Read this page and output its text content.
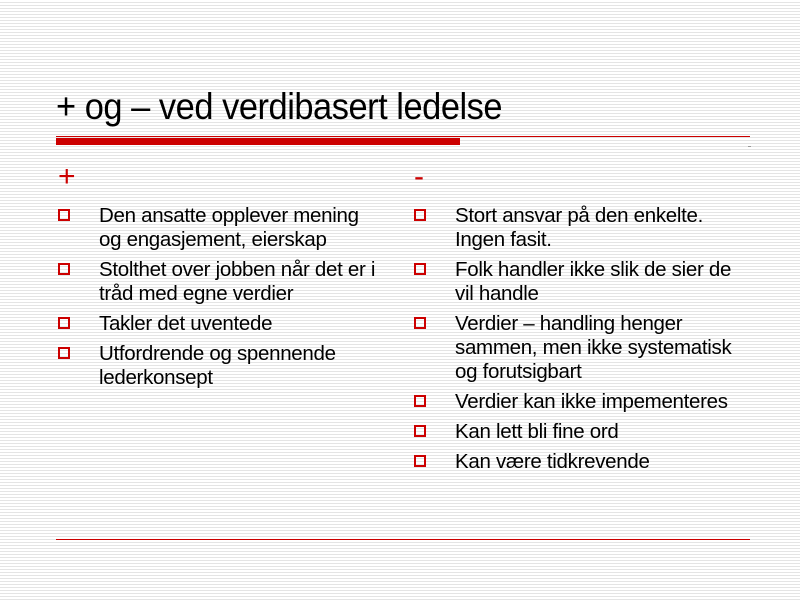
+ og – ved verdibasert ledelse
+
Den ansatte opplever mening og engasjement, eierskap
Stolthet over jobben når det er i tråd med egne verdier
Takler det uventede
Utfordrende og spennende lederkonsept
-
Stort ansvar på den enkelte. Ingen fasit.
Folk handler ikke slik de sier de vil handle
Verdier – handling henger sammen, men ikke systematisk og forutsigbart
Verdier kan ikke impementeres
Kan lett bli fine ord
Kan være tidkrevende
